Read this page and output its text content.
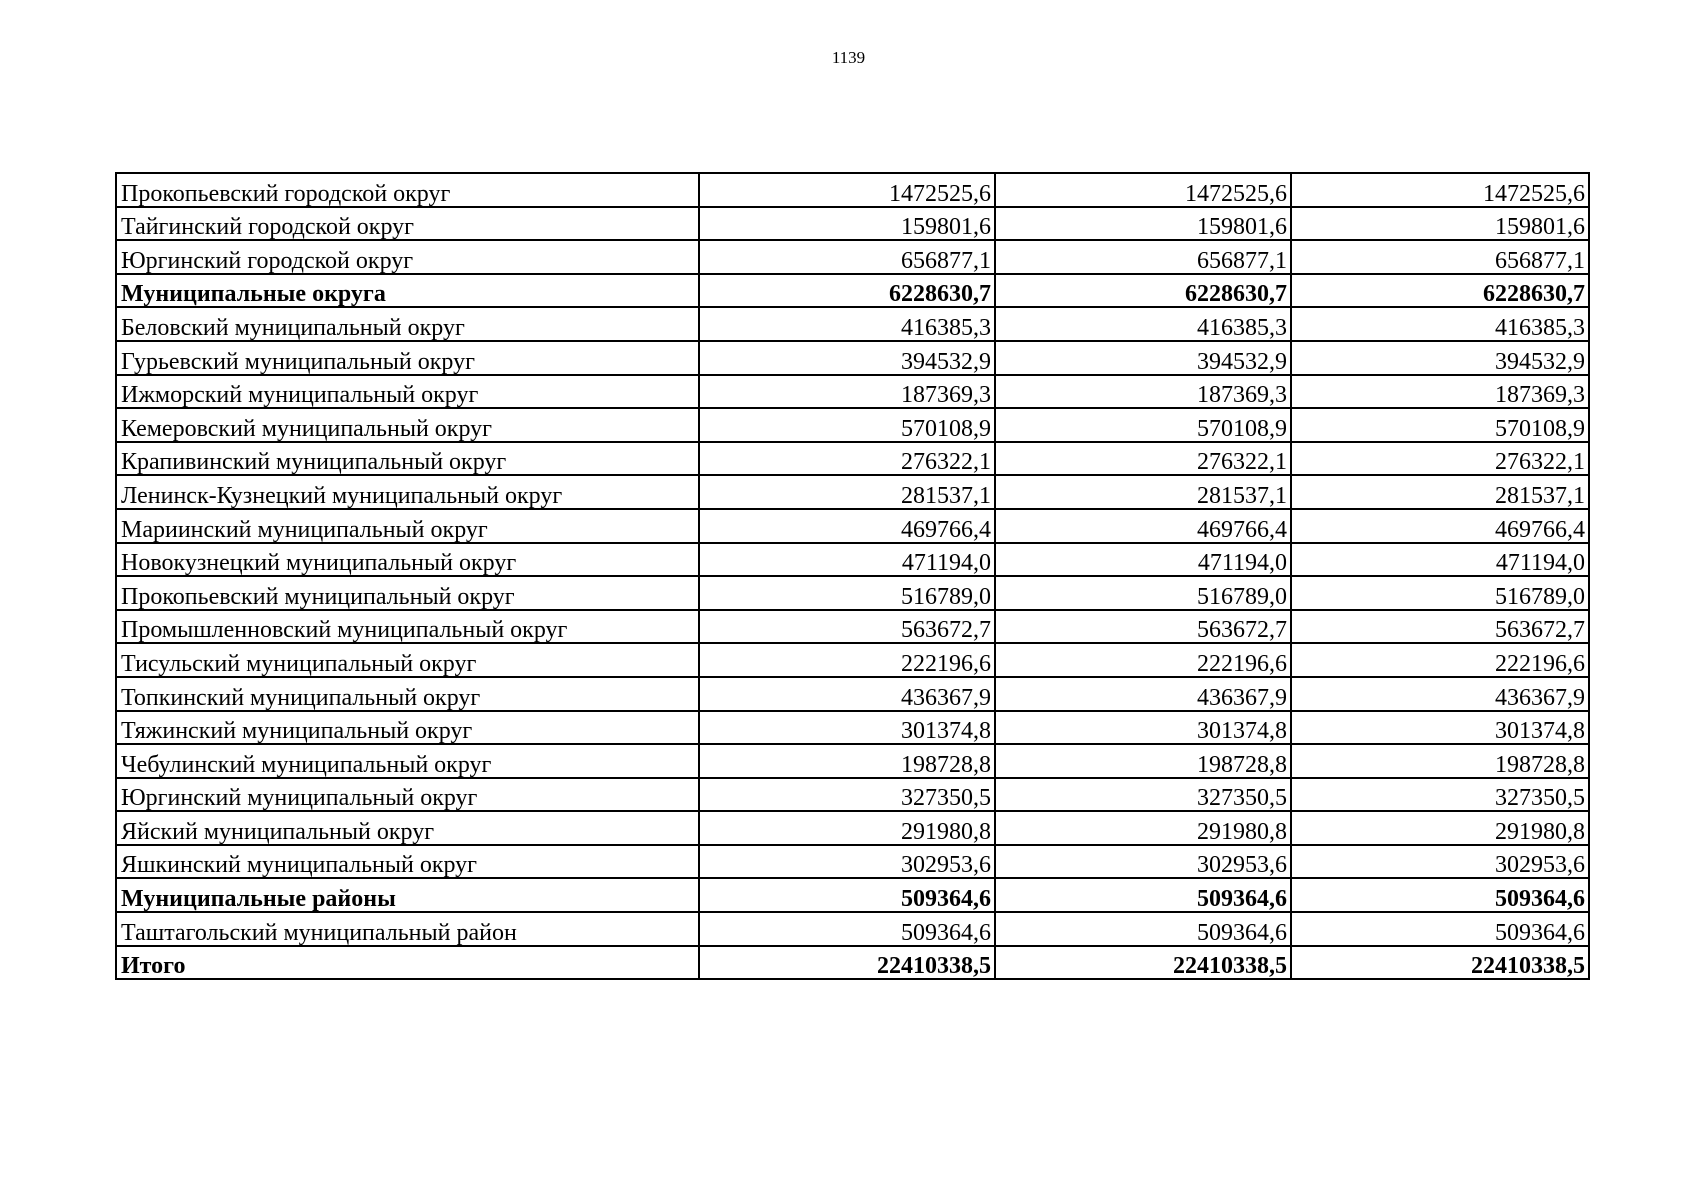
1139
Прокопьевский городской округ	1472525,6	1472525,6	1472525,6
Тайгинский городской округ	159801,6	159801,6	159801,6
Юргинский городской округ	656877,1	656877,1	656877,1
Муниципальные округа	6228630,7	6228630,7	6228630,7
Беловский муниципальный округ	416385,3	416385,3	416385,3
Гурьевский муниципальный округ	394532,9	394532,9	394532,9
Ижморский муниципальный округ	187369,3	187369,3	187369,3
Кемеровский муниципальный округ	570108,9	570108,9	570108,9
Крапивинский муниципальный округ	276322,1	276322,1	276322,1
Ленинск-Кузнецкий муниципальный округ	281537,1	281537,1	281537,1
Мариинский муниципальный округ	469766,4	469766,4	469766,4
Новокузнецкий муниципальный округ	471194,0	471194,0	471194,0
Прокопьевский муниципальный округ	516789,0	516789,0	516789,0
Промышленновский муниципальный округ	563672,7	563672,7	563672,7
Тисульский муниципальный округ	222196,6	222196,6	222196,6
Топкинский муниципальный округ	436367,9	436367,9	436367,9
Тяжинский муниципальный округ	301374,8	301374,8	301374,8
Чебулинский муниципальный округ	198728,8	198728,8	198728,8
Юргинский муниципальный округ	327350,5	327350,5	327350,5
Яйский муниципальный округ	291980,8	291980,8	291980,8
Яшкинский муниципальный округ	302953,6	302953,6	302953,6
Муниципальные районы	509364,6	509364,6	509364,6
Таштагольский муниципальный район	509364,6	509364,6	509364,6
Итого	22410338,5	22410338,5	22410338,5
